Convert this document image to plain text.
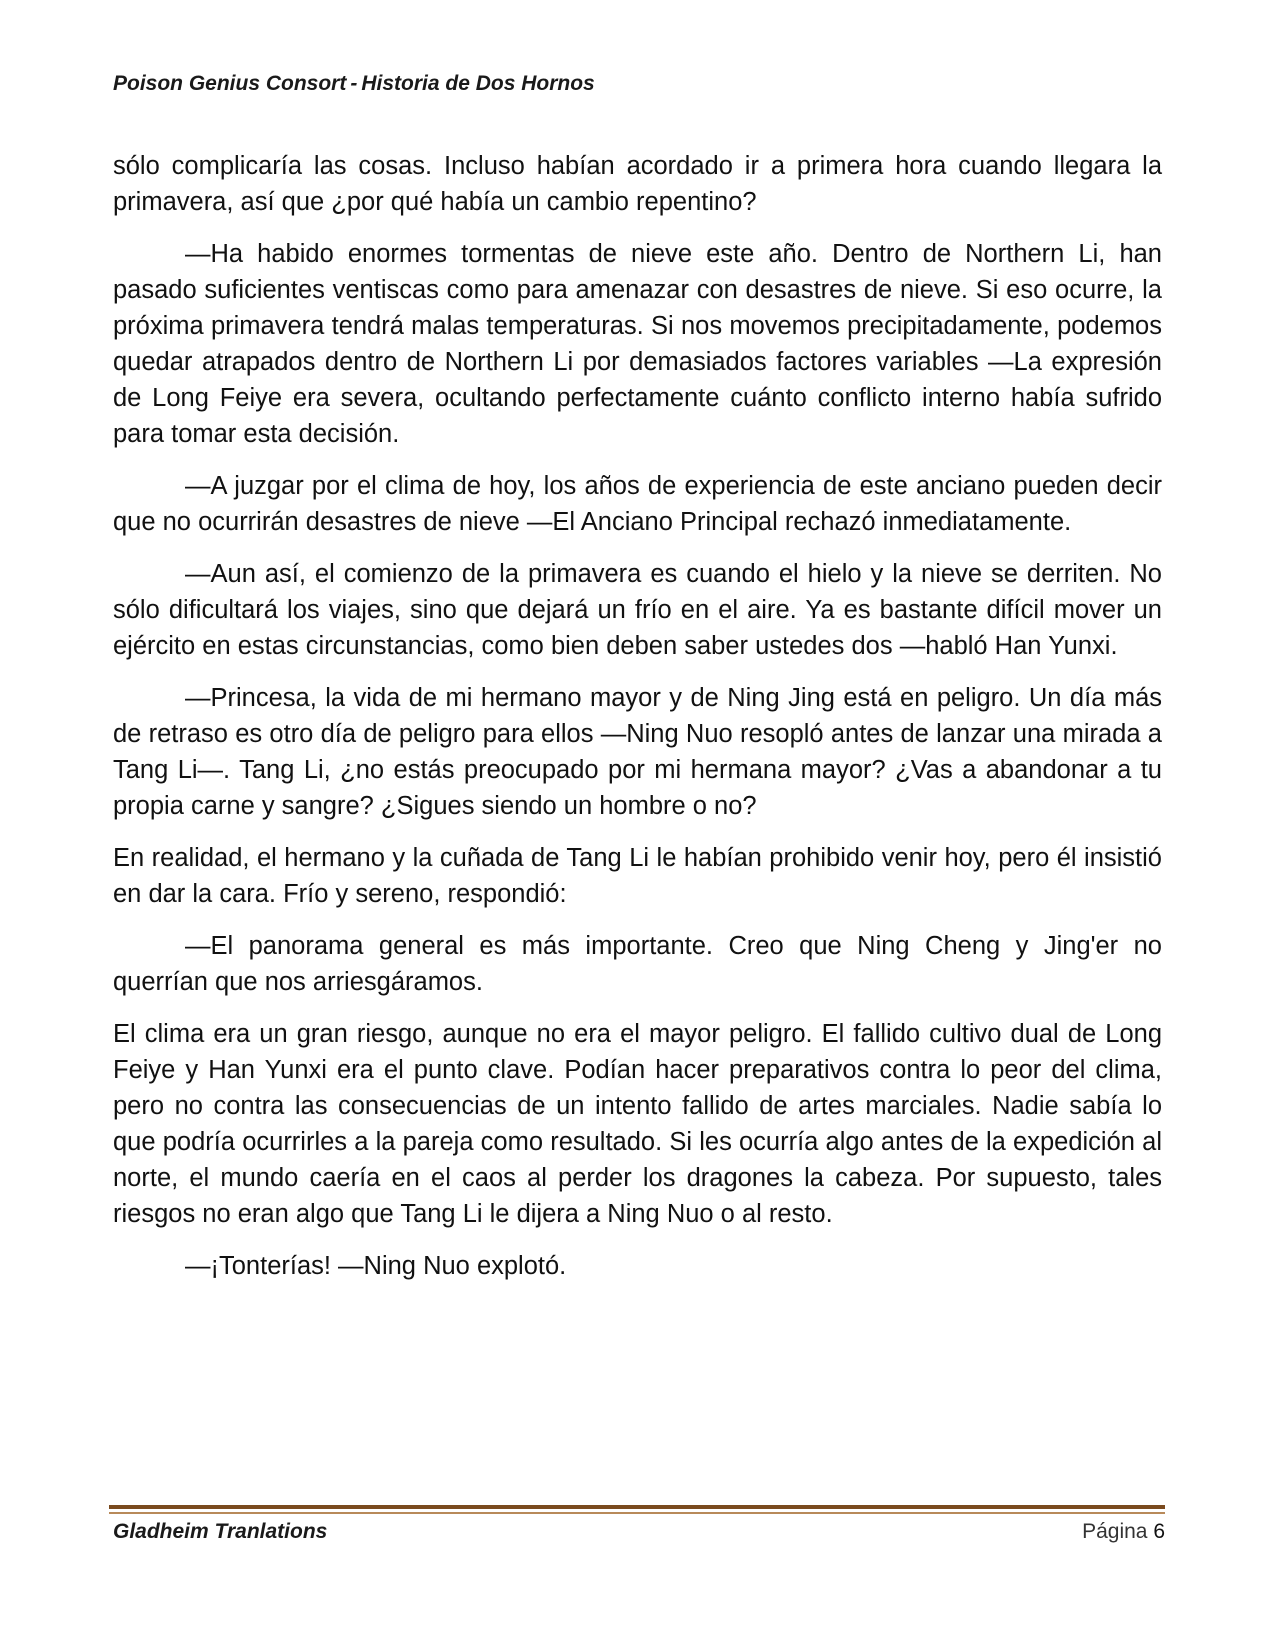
Poison Genius Consort - Historia de Dos Hornos

sólo complicaría las cosas. Incluso habían acordado ir a primera hora cuando llegara la primavera, así que ¿por qué había un cambio repentino?

—Ha habido enormes tormentas de nieve este año. Dentro de Northern Li, han pasado suficientes ventiscas como para amenazar con desastres de nieve. Si eso ocurre, la próxima primavera tendrá malas temperaturas. Si nos movemos precipitadamente, podemos quedar atrapados dentro de Northern Li por demasiados factores variables —La expresión de Long Feiye era severa, ocultando perfectamente cuánto conflicto interno había sufrido para tomar esta decisión.

—A juzgar por el clima de hoy, los años de experiencia de este anciano pueden decir que no ocurrirán desastres de nieve —El Anciano Principal rechazó inmediatamente.

—Aun así, el comienzo de la primavera es cuando el hielo y la nieve se derriten. No sólo dificultará los viajes, sino que dejará un frío en el aire. Ya es bastante difícil mover un ejército en estas circunstancias, como bien deben saber ustedes dos —habló Han Yunxi.

—Princesa, la vida de mi hermano mayor y de Ning Jing está en peligro. Un día más de retraso es otro día de peligro para ellos —Ning Nuo resopló antes de lanzar una mirada a Tang Li—. Tang Li, ¿no estás preocupado por mi hermana mayor? ¿Vas a abandonar a tu propia carne y sangre? ¿Sigues siendo un hombre o no?

En realidad, el hermano y la cuñada de Tang Li le habían prohibido venir hoy, pero él insistió en dar la cara. Frío y sereno, respondió:

—El panorama general es más importante. Creo que Ning Cheng y Jing'er no querrían que nos arriesgáramos.

El clima era un gran riesgo, aunque no era el mayor peligro. El fallido cultivo dual de Long Feiye y Han Yunxi era el punto clave. Podían hacer preparativos contra lo peor del clima, pero no contra las consecuencias de un intento fallido de artes marciales. Nadie sabía lo que podría ocurrirles a la pareja como resultado. Si les ocurría algo antes de la expedición al norte, el mundo caería en el caos al perder los dragones la cabeza. Por supuesto, tales riesgos no eran algo que Tang Li le dijera a Ning Nuo o al resto.

—¡Tonterías! —Ning Nuo explotó.

Gladheim Tranlations	Página 6
